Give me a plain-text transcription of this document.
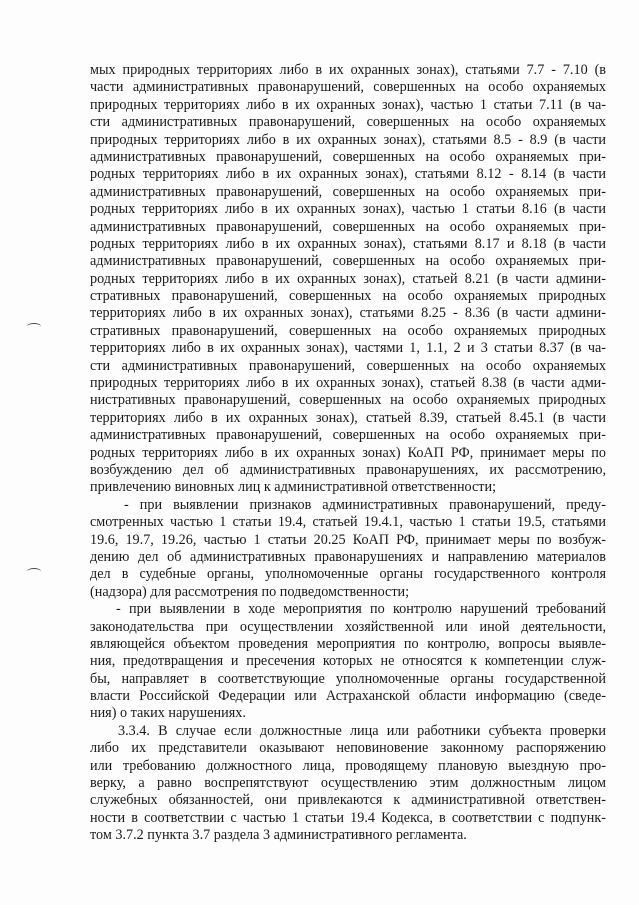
мых природных территориях либо в их охранных зонах), статьями 7.7 - 7.10 (в
части административных правонарушений, совершенных на особо охраняемых
природных территориях либо в их охранных зонах), частью 1 статьи 7.11 (в ча-
сти административных правонарушений, совершенных на особо охраняемых
природных территориях либо в их охранных зонах), статьями 8.5 - 8.9 (в части
административных правонарушений, совершенных на особо охраняемых при-
родных территориях либо в их охранных зонах), статьями 8.12 - 8.14 (в части
административных правонарушений, совершенных на особо охраняемых при-
родных территориях либо в их охранных зонах), частью 1 статьи 8.16 (в части
административных правонарушений, совершенных на особо охраняемых при-
родных территориях либо в их охранных зонах), статьями 8.17 и 8.18 (в части
административных правонарушений, совершенных на особо охраняемых при-
родных территориях либо в их охранных зонах), статьей 8.21 (в части админи-
стративных правонарушений, совершенных на особо охраняемых природных
территориях либо в их охранных зонах), статьями 8.25 - 8.36 (в части админи-
стративных правонарушений, совершенных на особо охраняемых природных
территориях либо в их охранных зонах), частями 1, 1.1, 2 и 3 статьи 8.37 (в ча-
сти административных правонарушений, совершенных на особо охраняемых
природных территориях либо в их охранных зонах), статьей 8.38 (в части адми-
нистративных правонарушений, совершенных на особо охраняемых природных
территориях либо в их охранных зонах), статьей 8.39, статьей 8.45.1 (в части
административных правонарушений, совершенных на особо охраняемых при-
родных территориях либо в их охранных зонах) КоАП РФ, принимает меры по
возбуждению дел об административных правонарушениях, их рассмотрению,
привлечению виновных лиц к административной ответственности;
- при выявлении признаков административных правонарушений, преду-
смотренных частью 1 статьи 19.4, статьей 19.4.1, частью 1 статьи 19.5, статьями
19.6, 19.7, 19.26, частью 1 статьи 20.25 КоАП РФ, принимает меры по возбуж-
дению дел об административных правонарушениях и направлению материалов
дел в судебные органы, уполномоченные органы государственного контроля
(надзора) для рассмотрения по подведомственности;
- при выявлении в ходе мероприятия по контролю нарушений требований
законодательства при осуществлении хозяйственной или иной деятельности,
являющейся объектом проведения мероприятия по контролю, вопросы выявле-
ния, предотвращения и пресечения которых не относятся к компетенции служ-
бы, направляет в соответствующие уполномоченные органы государственной
власти Российской Федерации или Астраханской области информацию (сведе-
ния) о таких нарушениях.
3.3.4. В случае если должностные лица или работники субъекта проверки
либо их представители оказывают неповиновение законному распоряжению
или требованию должностного лица, проводящему плановую выездную про-
верку, а равно воспрепятствуют осуществлению этим должностным лицом
служебных обязанностей, они привлекаются к административной ответствен-
ности в соответствии с частью 1 статьи 19.4 Кодекса, в соответствии с подпунк-
том 3.7.2 пункта 3.7 раздела 3 административного регламента.
